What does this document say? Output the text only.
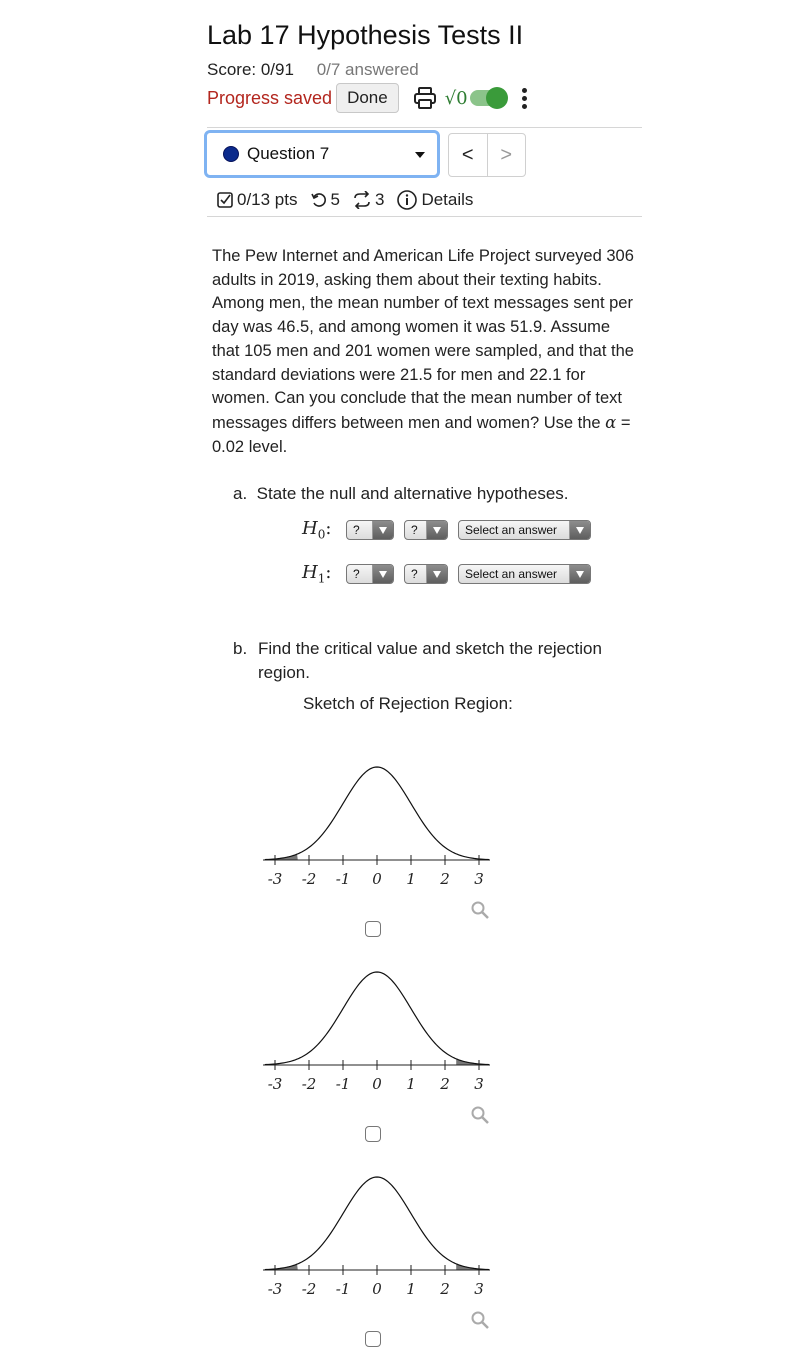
Lab 17 Hypothesis Tests II
Score: 0/91 0/7 answered
Progress saved Done	√0
Question 7	<	>
0/13 pts 5 3 Details
The Pew Internet and American Life Project surveyed 306 adults in 2019, asking them about their texting habits. Among men, the mean number of text messages sent per day was 46.5, and among women it was 51.9. Assume that 105 men and 201 women were sampled, and that the standard deviations were 21.5 for men and 22.1 for women. Can you conclude that the mean number of text messages differs between men and women? Use the α = 0.02 level.
a. State the null and alternative hypotheses.
$H_0$:	?	?	Select an answer
$H_1$:	?	?	Select an answer
b. Find the critical value and sketch the rejection region.
Sketch of Rejection Region:
-3 -2 -1 0 1 2 3
-3 -2 -1 0 1 2 3
-3 -2 -1 0 1 2 3
